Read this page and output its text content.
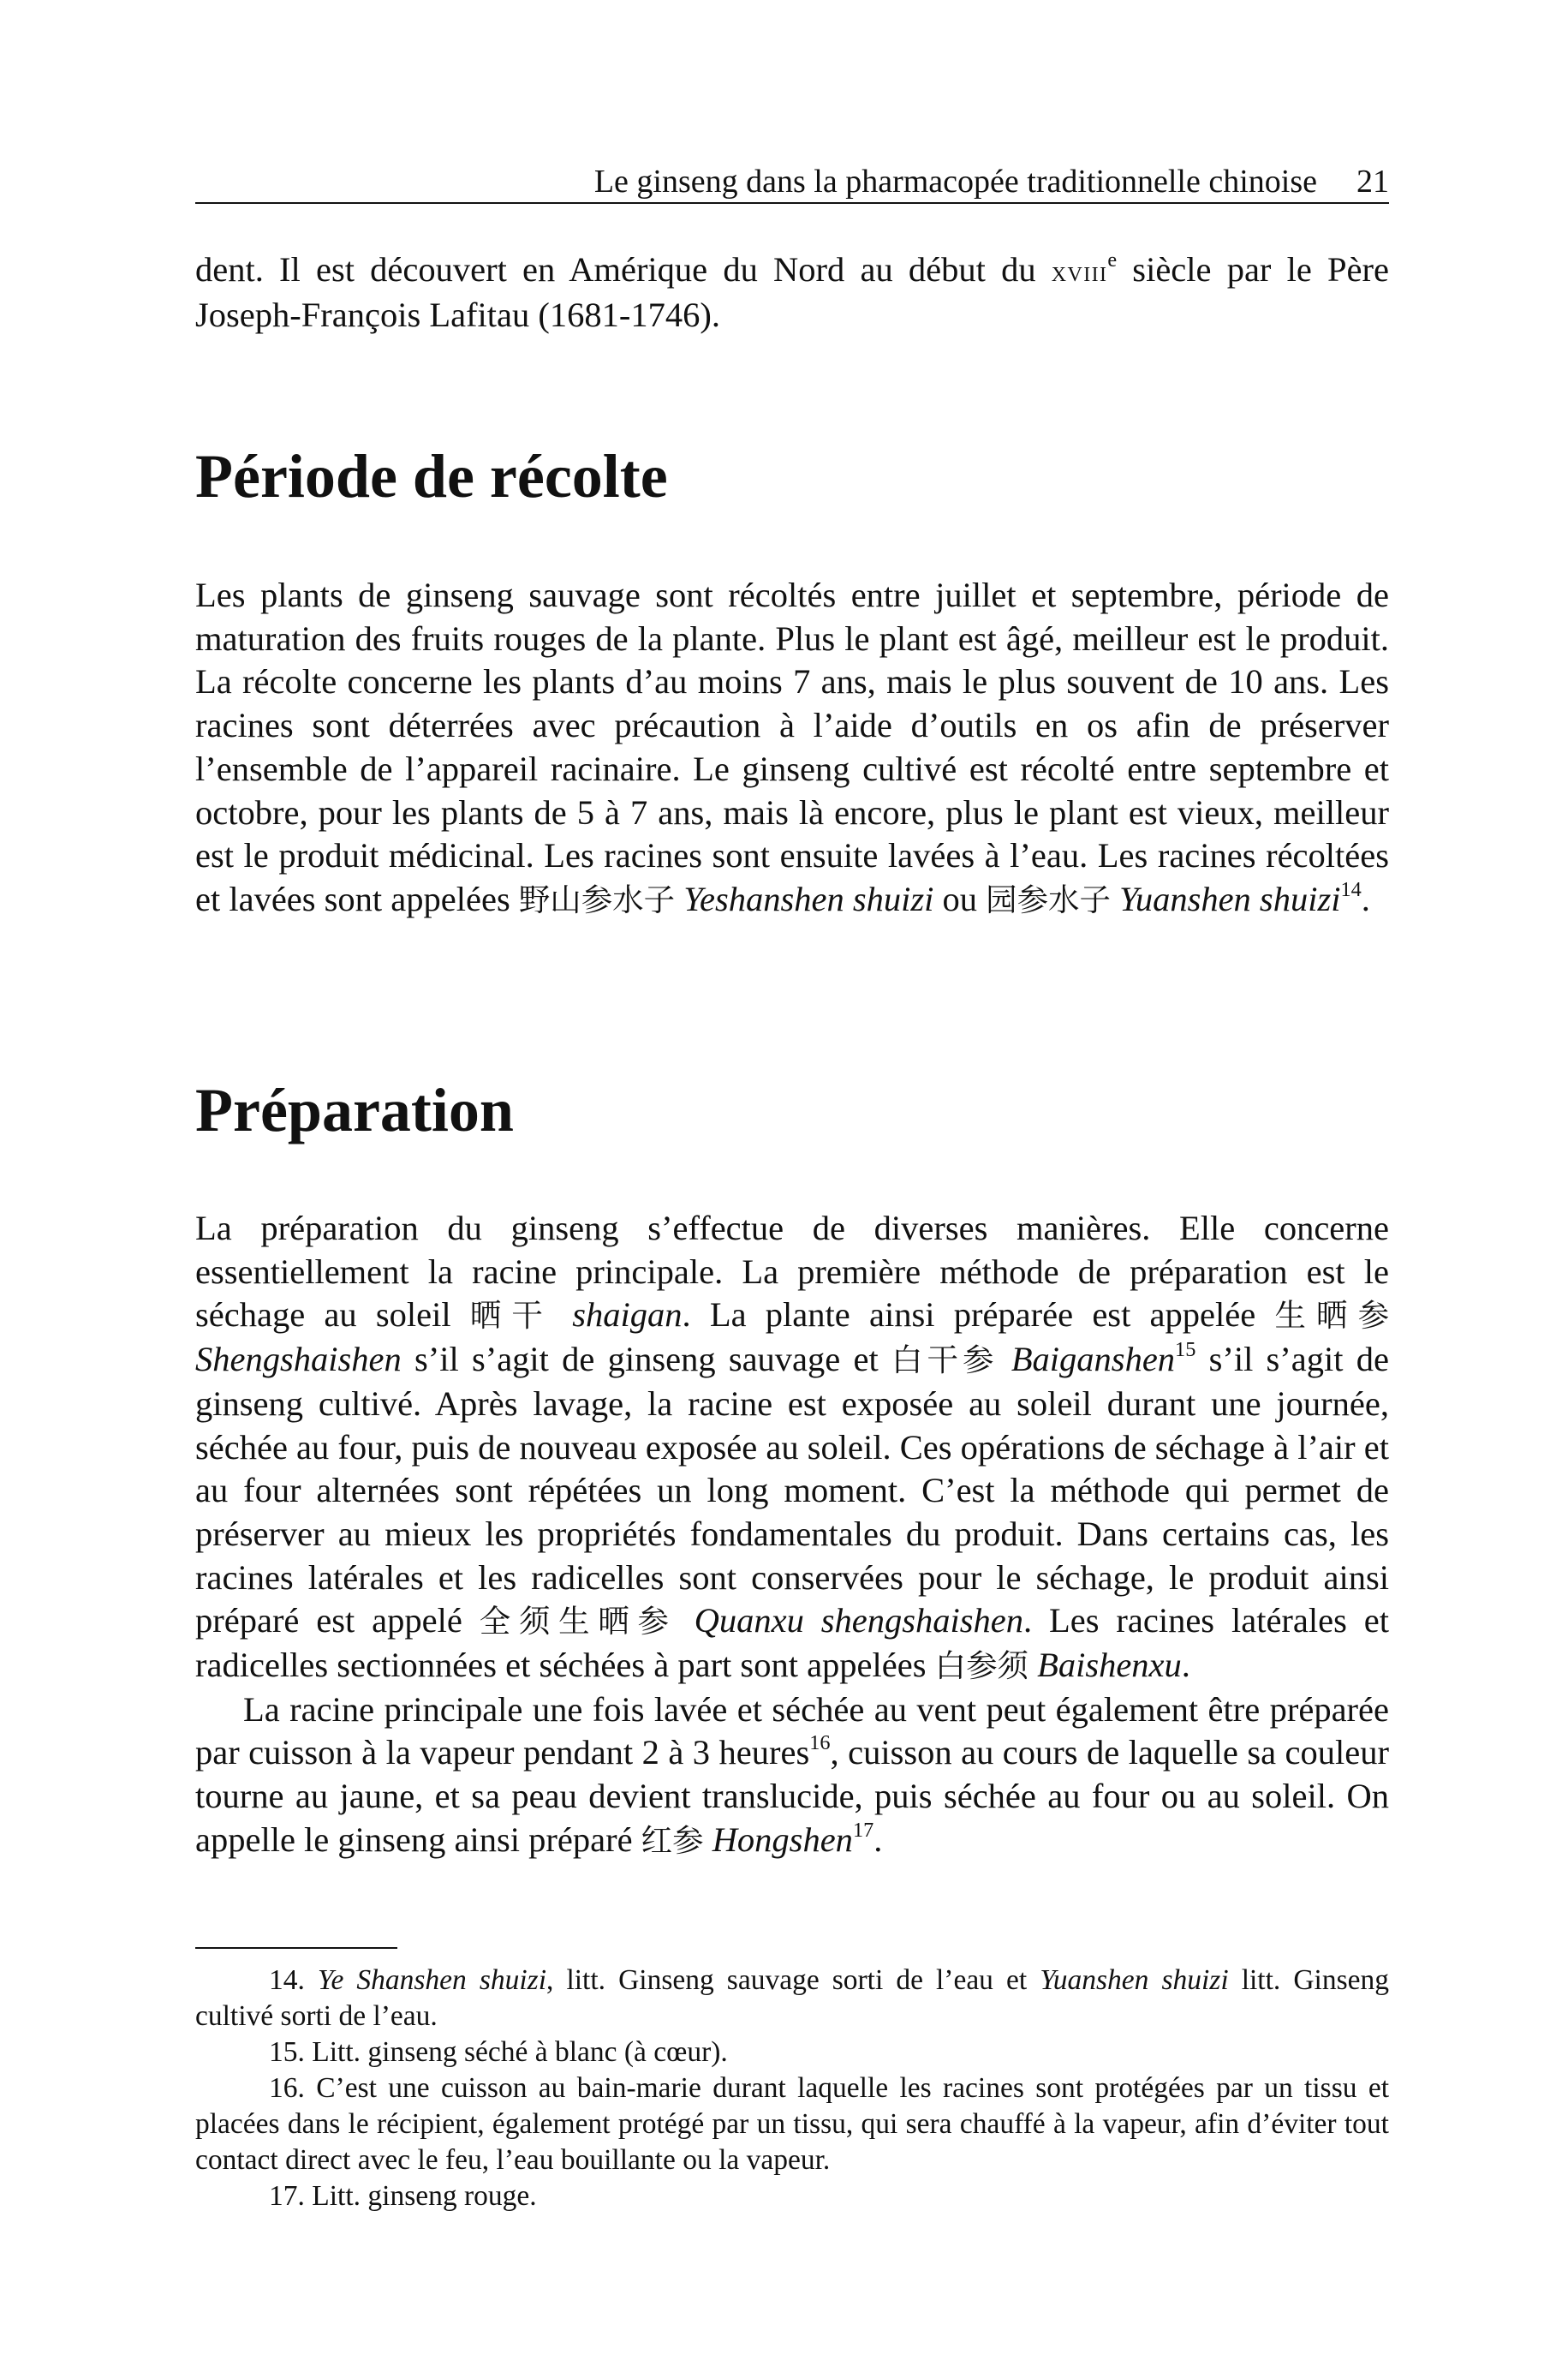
Le ginseng dans la pharmacopée traditionnelle chinoise 21

dent. Il est découvert en Amérique du Nord au début du xviii$^e$ siècle par le Père Joseph-François Lafitau (1681-1746).

Période de récolte

Les plants de ginseng sauvage sont récoltés entre juillet et septembre, période de maturation des fruits rouges de la plante. Plus le plant est âgé, meilleur est le produit. La récolte concerne les plants d’au moins 7 ans, mais le plus souvent de 10 ans. Les racines sont déterrées avec précaution à l’aide d’outils en os afin de préserver l’ensemble de l’appareil racinaire. Le ginseng cultivé est récolté entre septembre et octobre, pour les plants de 5 à 7 ans, mais là encore, plus le plant est vieux, meilleur est le produit médicinal. Les racines sont ensuite lavées à l’eau. Les racines récoltées et lavées sont appelées 野山参水子 Yeshanshen shuizi ou 园参水子 Yuanshen shuizi$^{14}$.

Préparation

La préparation du ginseng s’effectue de diverses manières. Elle concerne essentiellement la racine principale. La première méthode de préparation est le séchage au soleil 晒干 shaigan. La plante ainsi préparée est appelée 生晒参 Shengshaishen s’il s’agit de ginseng sauvage et 白干参 Baiganshen$^{15}$ s’il s’agit de ginseng cultivé. Après lavage, la racine est exposée au soleil durant une journée, séchée au four, puis de nouveau exposée au soleil. Ces opérations de séchage à l’air et au four alternées sont répétées un long moment. C’est la méthode qui permet de préserver au mieux les propriétés fondamentales du produit. Dans certains cas, les racines latérales et les radicelles sont conservées pour le séchage, le produit ainsi préparé est appelé 全须生晒参 Quanxu shengshaishen. Les racines latérales et radicelles sectionnées et séchées à part sont appelées 白参须 Baishenxu.

La racine principale une fois lavée et séchée au vent peut également être préparée par cuisson à la vapeur pendant 2 à 3 heures$^{16}$, cuisson au cours de laquelle sa couleur tourne au jaune, et sa peau devient translucide, puis séchée au four ou au soleil. On appelle le ginseng ainsi préparé 红参 Hongshen$^{17}$.

14. Ye Shanshen shuizi, litt. Ginseng sauvage sorti de l’eau et Yuanshen shuizi litt. Ginseng cultivé sorti de l’eau.

15. Litt. ginseng séché à blanc (à cœur).

16. C’est une cuisson au bain-marie durant laquelle les racines sont protégées par un tissu et placées dans le récipient, également protégé par un tissu, qui sera chauffé à la vapeur, afin d’éviter tout contact direct avec le feu, l’eau bouillante ou la vapeur.

17. Litt. ginseng rouge.
